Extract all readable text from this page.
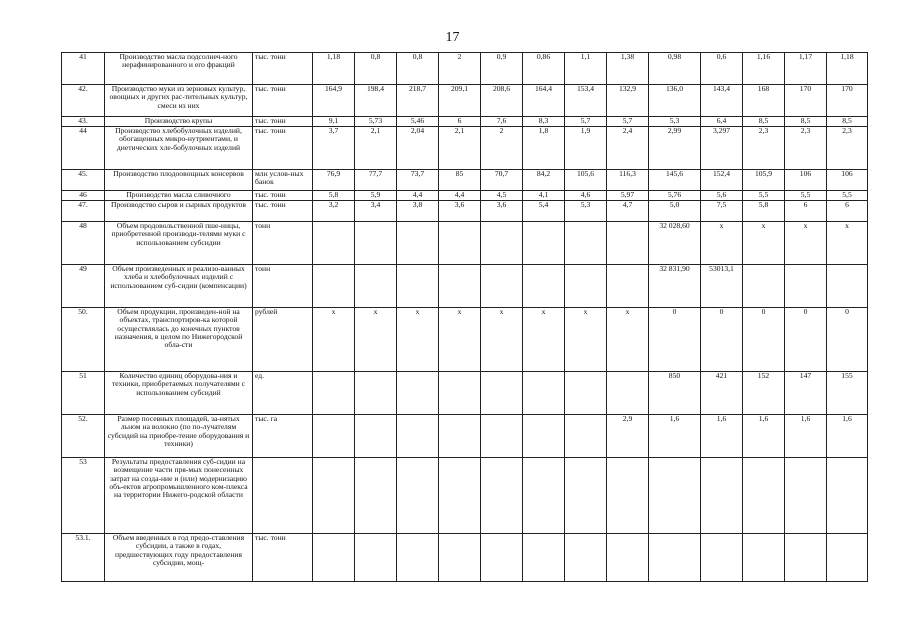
17
41	Производство масла подсолнеч-ного нерафинированного и его фракций	тыс. тонн	1,18	0,8	0,8	2	0,9	0,86	1,1	1,38	0,98	0,6	1,16	1,17	1,18
42.	Производство муки из зерновых культур, овощных и других рас-тительных культур, смеси из них	тыс. тонн	164,9	198,4	218,7	209,1	208,6	164,4	153,4	132,9	136,0	143,4	168	170	170
43.	Производство крупы	тыс. тонн	9,1	5,73	5,46	6	7,6	8,3	5,7	5,7	5,3	6,4	8,5	8,5	8,5
44	Производство хлебобулочных изделий, обогащенных микро-нутриентами, и диетических хле-бобулочных изделий	тыс. тонн	3,7	2,1	2,04	2,1	2	1,8	1,9	2,4	2,99	3,297	2,3	2,3	2,3
45.	Производство плодоовощных консервов	млн услов-ных банок	76,9	77,7	73,7	85	70,7	84,2	105,6	116,3	145,6	152,4	105,9	106	106
46	Производство масла сливочного	тыс. тонн	5,8	5,9	4,4	4,4	4,5	4,1	4,6	5,97	5,76	5,6	5,5	5,5	5,5
47.	Производство сыров и сырных продуктов	тыс. тонн	3,2	3,4	3,8	3,6	3,6	5,4	5,3	4,7	5,0	7,5	5,8	6	6
48	Объем продовольственной пше-ницы, приобретенной производи-телями муки с использованием субсидии	тонн									32 028,60	х	х	х	х
49	Объем произведенных и реализо-ванных хлеба и хлебобулочных изделий с использованием суб-сидии (компенсации)	тонн									32 831,90	53013,1			
50.	Объем продукции, произведен-ной на объектах, транспортиров-ка которой осуществлялась до конечных пунктов назначения, в целом по Нижегородской обла-сти	рублей	х	х	х	х	х	х	х	х	0	0	0	0	0
51	Количество единиц оборудова-ния и техники, приобретаемых получателями с использованием субсидий	ед.									850	421	152	147	155
52.	Размер посевных площадей, за-нятых льном на волокно (по по-лучателям субсидий на приобре-тение оборудования и техники)	тыс. га								2,9	1,6	1,6	1,6	1,6	1,6
53	Результаты предоставления суб-сидии на возмещение части пря-мых понесенных затрат на созда-ние и (или) модернизацию объ-ектов агропромышленного ком-плекса на территории Нижего-родской области														
53.1.	Объем введенных в год предо-ставления субсидии, а также в годах, предшествующих году предоставления субсидии, мощ-	тыс. тонн													
